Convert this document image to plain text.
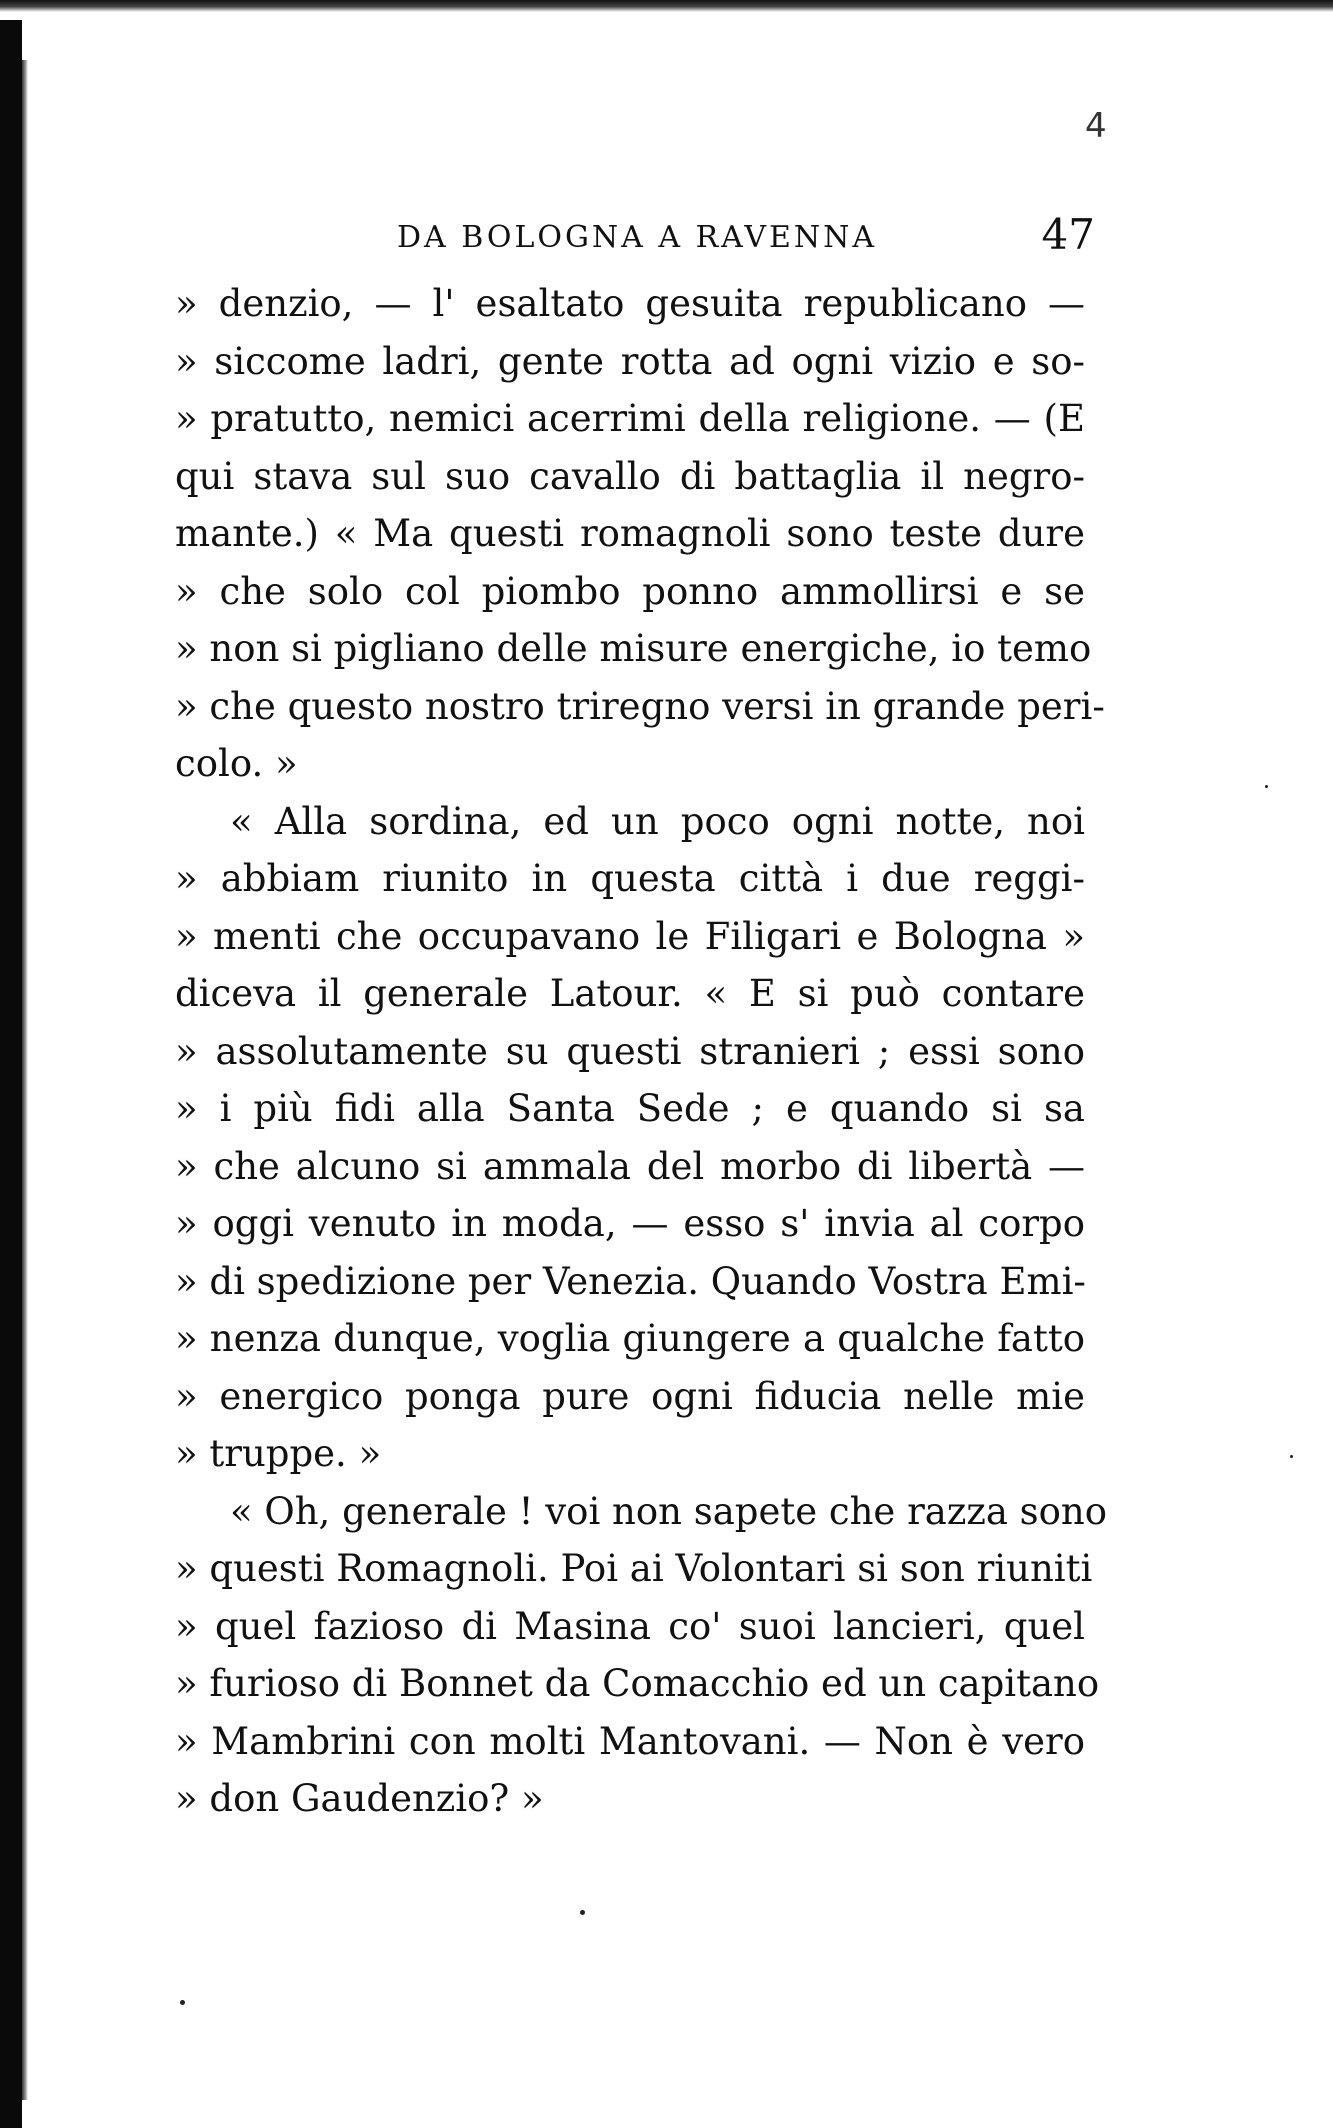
4
DA BOLOGNA A RAVENNA	47
» denzio, — l' esaltato gesuita republicano —
» siccome ladri, gente rotta ad ogni vizio e so-
» pratutto, nemici acerrimi della religione. — (E
qui stava sul suo cavallo di battaglia il negro-
mante.) « Ma questi romagnoli sono teste dure
» che solo col piombo ponno ammollirsi e se
» non si pigliano delle misure energiche, io temo
» che questo nostro triregno versi in grande peri-
colo. »
« Alla sordina, ed un poco ogni notte, noi
» abbiam riunito in questa città i due reggi-
» menti che occupavano le Filigari e Bologna »
diceva il generale Latour. « E si può contare
» assolutamente su questi stranieri ; essi sono
» i più fidi alla Santa Sede ; e quando si sa
» che alcuno si ammala del morbo di libertà —
» oggi venuto in moda, — esso s' invia al corpo
» di spedizione per Venezia. Quando Vostra Emi-
» nenza dunque, voglia giungere a qualche fatto
» energico ponga pure ogni fiducia nelle mie
» truppe. »
« Oh, generale ! voi non sapete che razza sono
» questi Romagnoli. Poi ai Volontari si son riuniti
» quel fazioso di Masina co' suoi lancieri, quel
» furioso di Bonnet da Comacchio ed un capitano
» Mambrini con molti Mantovani. — Non è vero
» don Gaudenzio? »
